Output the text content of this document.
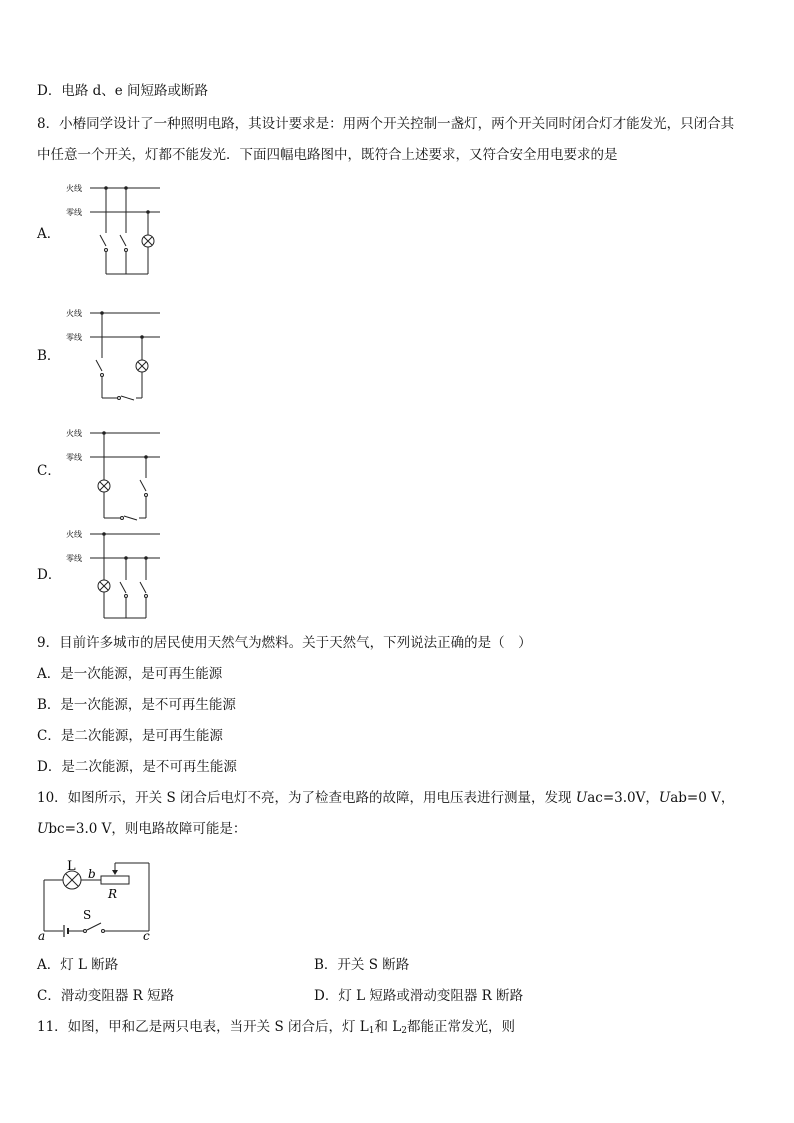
D．电路 d、e 间短路或断路
8．小椿同学设计了一种照明电路，其设计要求是：用两个开关控制一盏灯，两个开关同时闭合灯才能发光，只闭合其
中任意一个开关，灯都不能发光．下面四幅电路图中，既符合上述要求，又符合安全用电要求的是
A．
火线
零线
B．
火线
零线
C．
火线
零线
D．
火线
零线
9．目前许多城市的居民使用天然气为燃料。关于天然气，下列说法正确的是（　）
A．是一次能源，是可再生能源
B．是一次能源，是不可再生能源
C．是二次能源，是可再生能源
D．是二次能源，是不可再生能源
10．如图所示，开关 S 闭合后电灯不亮，为了检查电路的故障，用电压表进行测量，发现 Uac=3.0V，Uab=0 V，
Ubc=3.0 V，则电路故障可能是：
L b
R
S
a	c
A．灯 L 断路	B．开关 S 断路
C．滑动变阻器 R 短路	D．灯 L 短路或滑动变阻器 R 断路
11．如图，甲和乙是两只电表，当开关 S 闭合后，灯 $L_1$和 $L_2$都能正常发光，则
